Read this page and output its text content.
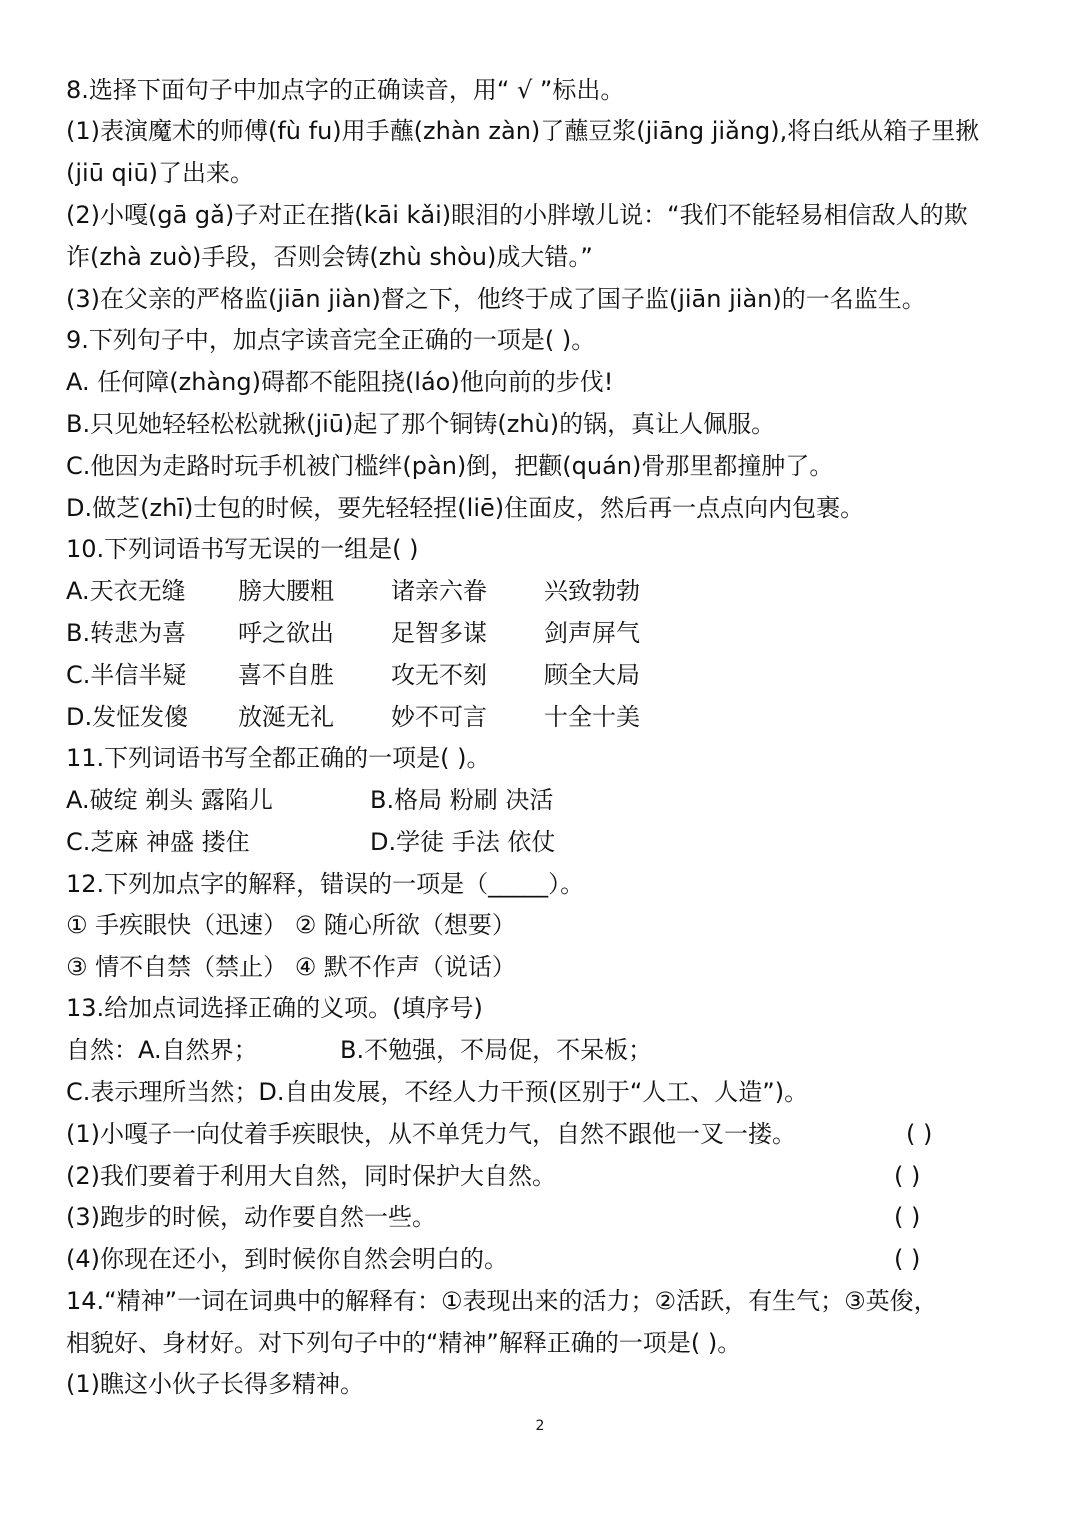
8.选择下面句子中加点字的正确读音，用“ √ ”标出。
(1)表演魔术的师傅(fù fu)用手蘸(zhàn zàn)了蘸豆浆(jiāng jiǎng),将白纸从箱子里揪
(jiū qiū)了出来。
(2)小嘎(gā gǎ)子对正在揩(kāi kǎi)眼泪的小胖墩儿说：“我们不能轻易相信敌人的欺
诈(zhà zuò)手段，否则会铸(zhù shòu)成大错。”
(3)在父亲的严格监(jiān jiàn)督之下，他终于成了国子监(jiān jiàn)的一名监生。
9.下列句子中，加点字读音完全正确的一项是( )。
A. 任何障(zhàng)碍都不能阻挠(láo)他向前的步伐!
B.只见她轻轻松松就揪(jiū)起了那个铜铸(zhù)的锅，真让人佩服。
C.他因为走路时玩手机被门槛绊(pàn)倒，把颧(quán)骨那里都撞肿了。
D.做芝(zhī)士包的时候，要先轻轻捏(liē)住面皮，然后再一点点向内包裹。
10.下列词语书写无误的一组是( )
A.天衣无缝 膀大腰粗 诸亲六眷 兴致勃勃
B.转悲为喜 呼之欲出 足智多谋 剑声屏气
C.半信半疑 喜不自胜 攻无不刻 顾全大局
D.发怔发傻 放涎无礼 妙不可言 十全十美
11.下列词语书写全都正确的一项是( )。
A.破绽 剃头 露陷儿	B.格局 粉刷 决活
C.芝麻 神盛 搂住	D.学徒 手法 依仗
12.下列加点字的解释，错误的一项是（_____）。
① 手疾眼快（迅速） ② 随心所欲（想要）
③ 情不自禁（禁止） ④ 默不作声（说话）
13.给加点词选择正确的义项。(填序号)
自然：A.自然界；	B.不勉强，不局促，不呆板；
C.表示理所当然；D.自由发展，不经人力干预(区别于“人工、人造”)。
(1)小嘎子一向仗着手疾眼快，从不单凭力气，自然不跟他一叉一搂。	( )
(2)我们要着于利用大自然，同时保护大自然。	( )
(3)跑步的时候，动作要自然一些。	( )
(4)你现在还小，到时候你自然会明白的。	( )
14.“精神”一词在词典中的解释有：①表现出来的活力；②活跃，有生气；③英俊，
相貌好、身材好。对下列句子中的“精神”解释正确的一项是( )。
(1)瞧这小伙子长得多精神。
2
